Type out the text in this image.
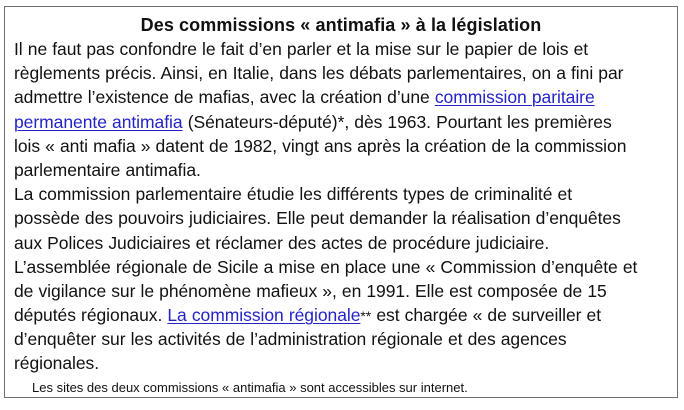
Des commissions « antimafia » à la législation
Il ne faut pas confondre le fait d’en parler et la mise sur le papier de lois et
règlements précis. Ainsi, en Italie, dans les débats parlementaires, on a fini par
admettre l’existence de mafias, avec la création d’une commission paritaire
permanente antimafia (Sénateurs-député)*, dès 1963. Pourtant les premières
lois « anti mafia » datent de 1982, vingt ans après la création de la commission
parlementaire antimafia.
La commission parlementaire étudie les différents types de criminalité et
possède des pouvoirs judiciaires. Elle peut demander la réalisation d’enquêtes
aux Polices Judiciaires et réclamer des actes de procédure judiciaire.
L’assemblée régionale de Sicile a mise en place une « Commission d’enquête et
de vigilance sur le phénomène mafieux », en 1991. Elle est composée de 15
députés régionaux. La commission régionale** est chargée « de surveiller et
d’enquêter sur les activités de l’administration régionale et des agences
régionales.
Les sites des deux commissions « antimafia » sont accessibles sur internet.
